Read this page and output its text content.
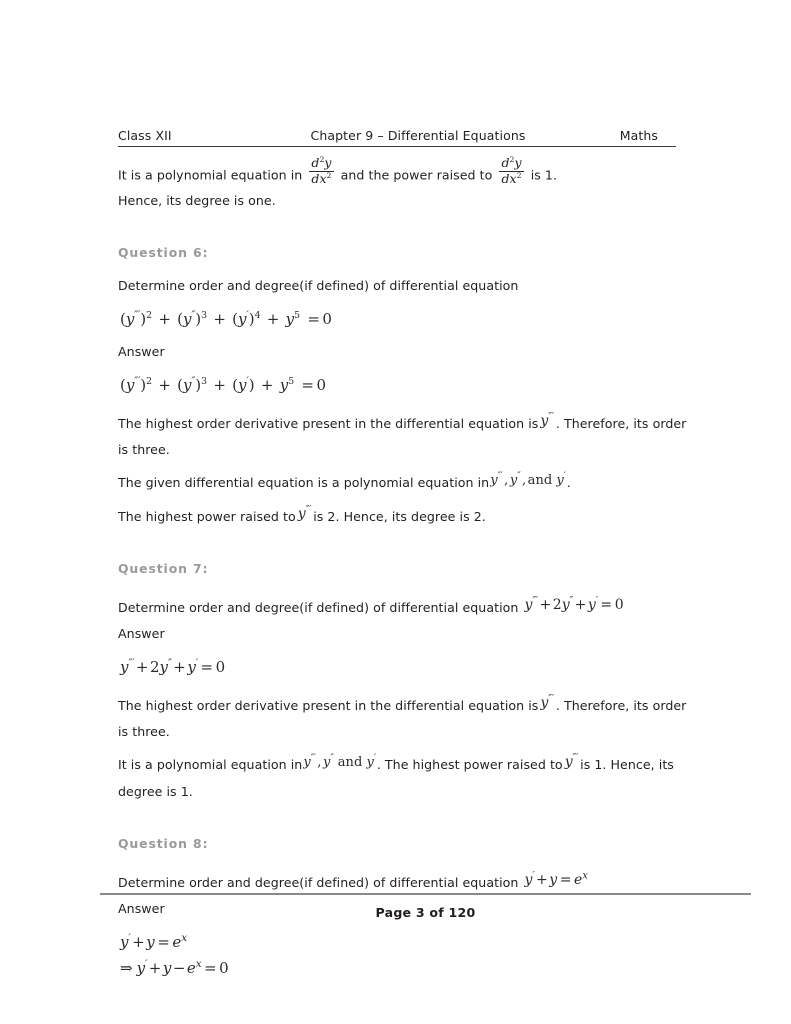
Class XII	Chapter 9 – Differential Equations	Maths

It is a polynomial equation in $\frac{d^2y}{dx^2}$ and the power raised to $\frac{d^2y}{dx^2}$ is 1.

Hence, its degree is one.

Question 6:

Determine order and degree(if defined) of differential equation

$(y''')^2 + (y'')^3 + (y')^4 + y^5 = 0$

Answer

$(y''')^2 + (y'')^3 + (y') + y^5 = 0$

The highest order derivative present in the differential equation is y″′ . Therefore, its order is three.

The given differential equation is a polynomial equation iny″′ , y″ , and y′.

The highest power raised to y″′ is 2. Hence, its degree is 2.

Question 7:

Determine order and degree(if defined) of differential equation y″′ + 2y″ + y′ = 0

Answer

y″′ + 2y″ + y′ = 0

The highest order derivative present in the differential equation is y″′ . Therefore, its order is three.

It is a polynomial equation iny″′ , y″ and y′. The highest power raised to y″′ is 1. Hence, its degree is 1.

Question 8:

Determine order and degree(if defined) of differential equation $y' + y = e^x$

Answer

$y' + y = e^x$
⇒ $y' + y - e^x = 0$
Page 3 of 120
